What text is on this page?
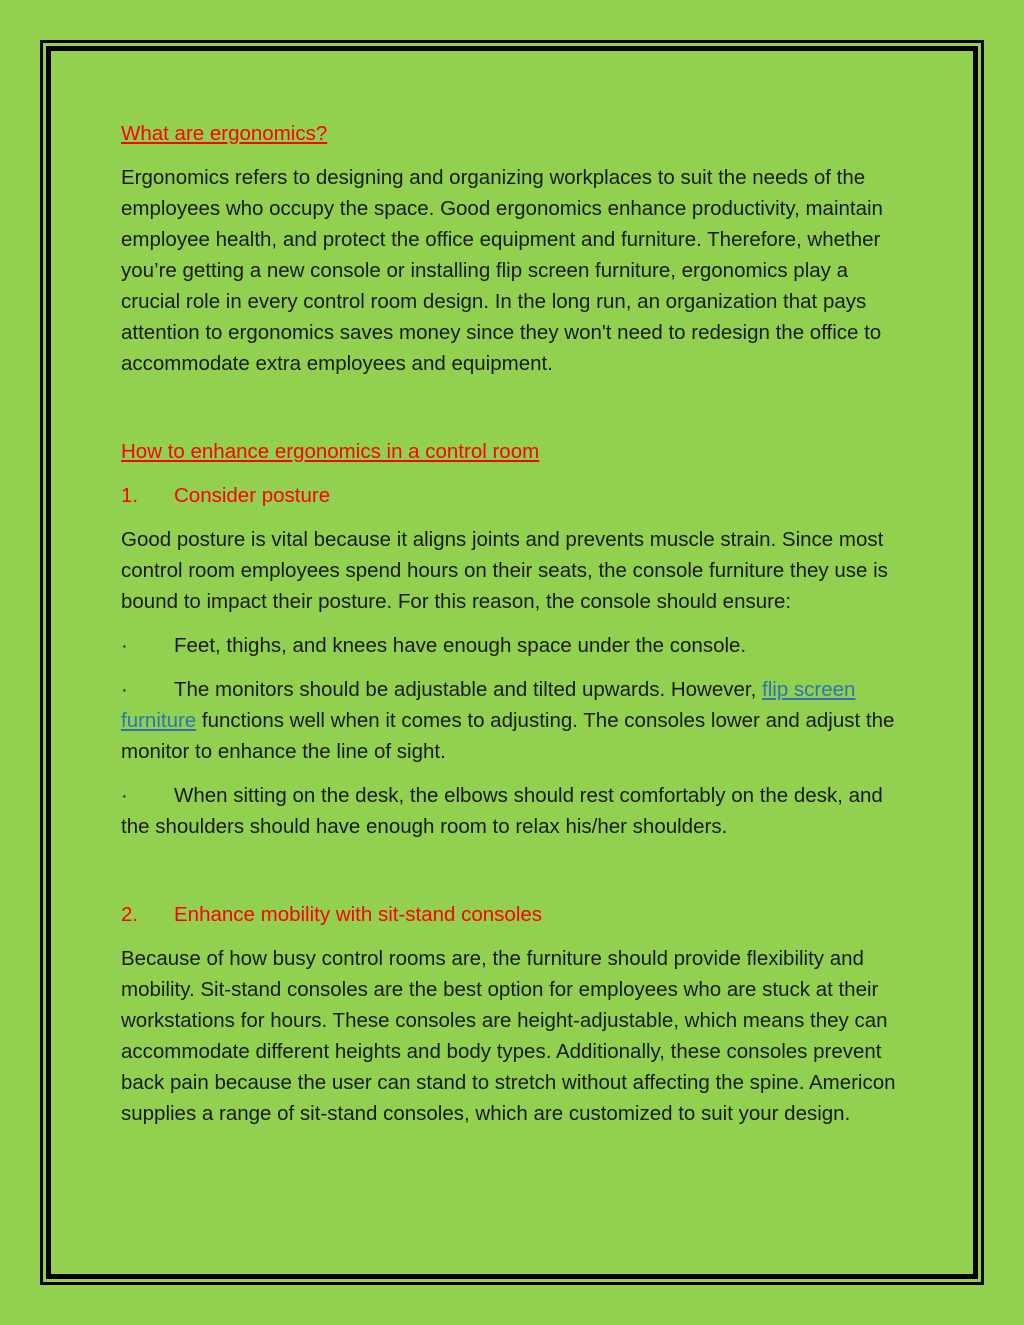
What are ergonomics?

Ergonomics refers to designing and organizing workplaces to suit the needs of the employees who occupy the space. Good ergonomics enhance productivity, maintain employee health, and protect the office equipment and furniture. Therefore, whether you’re getting a new console or installing flip screen furniture, ergonomics play a crucial role in every control room design. In the long run, an organization that pays attention to ergonomics saves money since they won't need to redesign the office to accommodate extra employees and equipment.

How to enhance ergonomics in a control room
1. Consider posture

Good posture is vital because it aligns joints and prevents muscle strain. Since most control room employees spend hours on their seats, the console furniture they use is bound to impact their posture. For this reason, the console should ensure:

· Feet, thighs, and knees have enough space under the console.

· The monitors should be adjustable and tilted upwards. However, flip screen furniture functions well when it comes to adjusting. The consoles lower and adjust the monitor to enhance the line of sight.

· When sitting on the desk, the elbows should rest comfortably on the desk, and the shoulders should have enough room to relax his/her shoulders.

2. Enhance mobility with sit-stand consoles

Because of how busy control rooms are, the furniture should provide flexibility and mobility. Sit-stand consoles are the best option for employees who are stuck at their workstations for hours. These consoles are height-adjustable, which means they can accommodate different heights and body types. Additionally, these consoles prevent back pain because the user can stand to stretch without affecting the spine. Americon supplies a range of sit-stand consoles, which are customized to suit your design.
